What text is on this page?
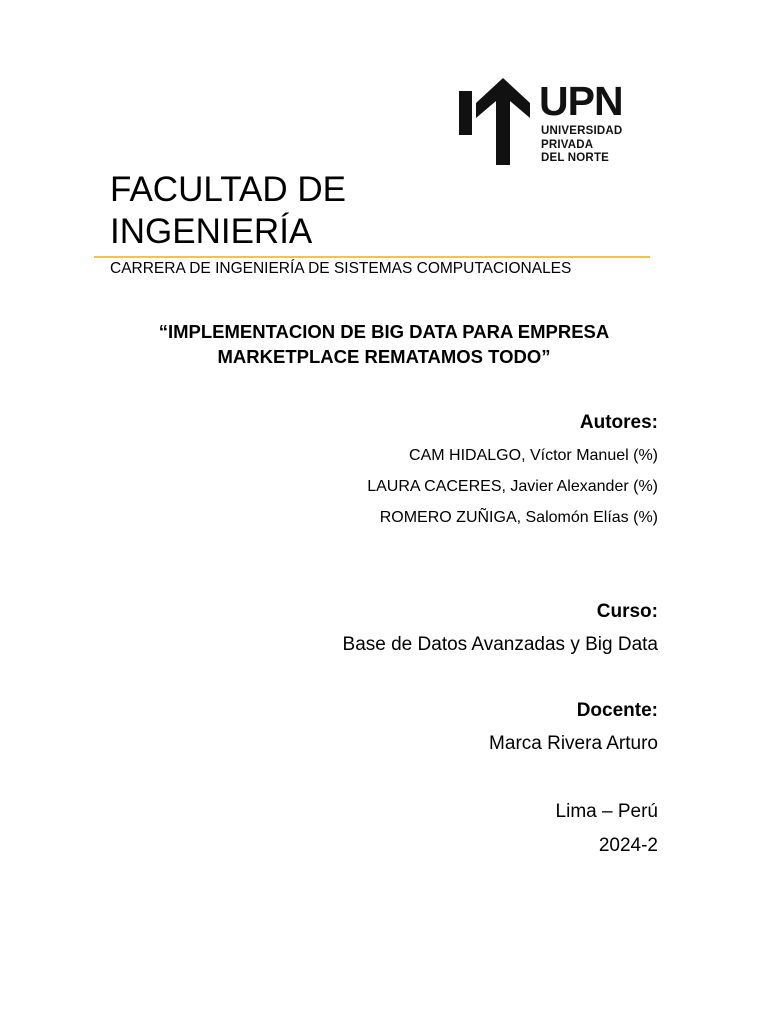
UPN
UNIVERSIDAD
PRIVADA
DEL NORTE
FACULTAD DE INGENIERÍA
CARRERA DE INGENIERÍA DE SISTEMAS COMPUTACIONALES
“IMPLEMENTACION DE BIG DATA PARA EMPRESA
MARKETPLACE REMATAMOS TODO”
Autores:
CAM HIDALGO, Víctor Manuel (%)
LAURA CACERES, Javier Alexander (%)
ROMERO ZUÑIGA, Salomón Elías (%)
Curso:
Base de Datos Avanzadas y Big Data
Docente:
Marca Rivera Arturo
Lima – Perú
2024-2
